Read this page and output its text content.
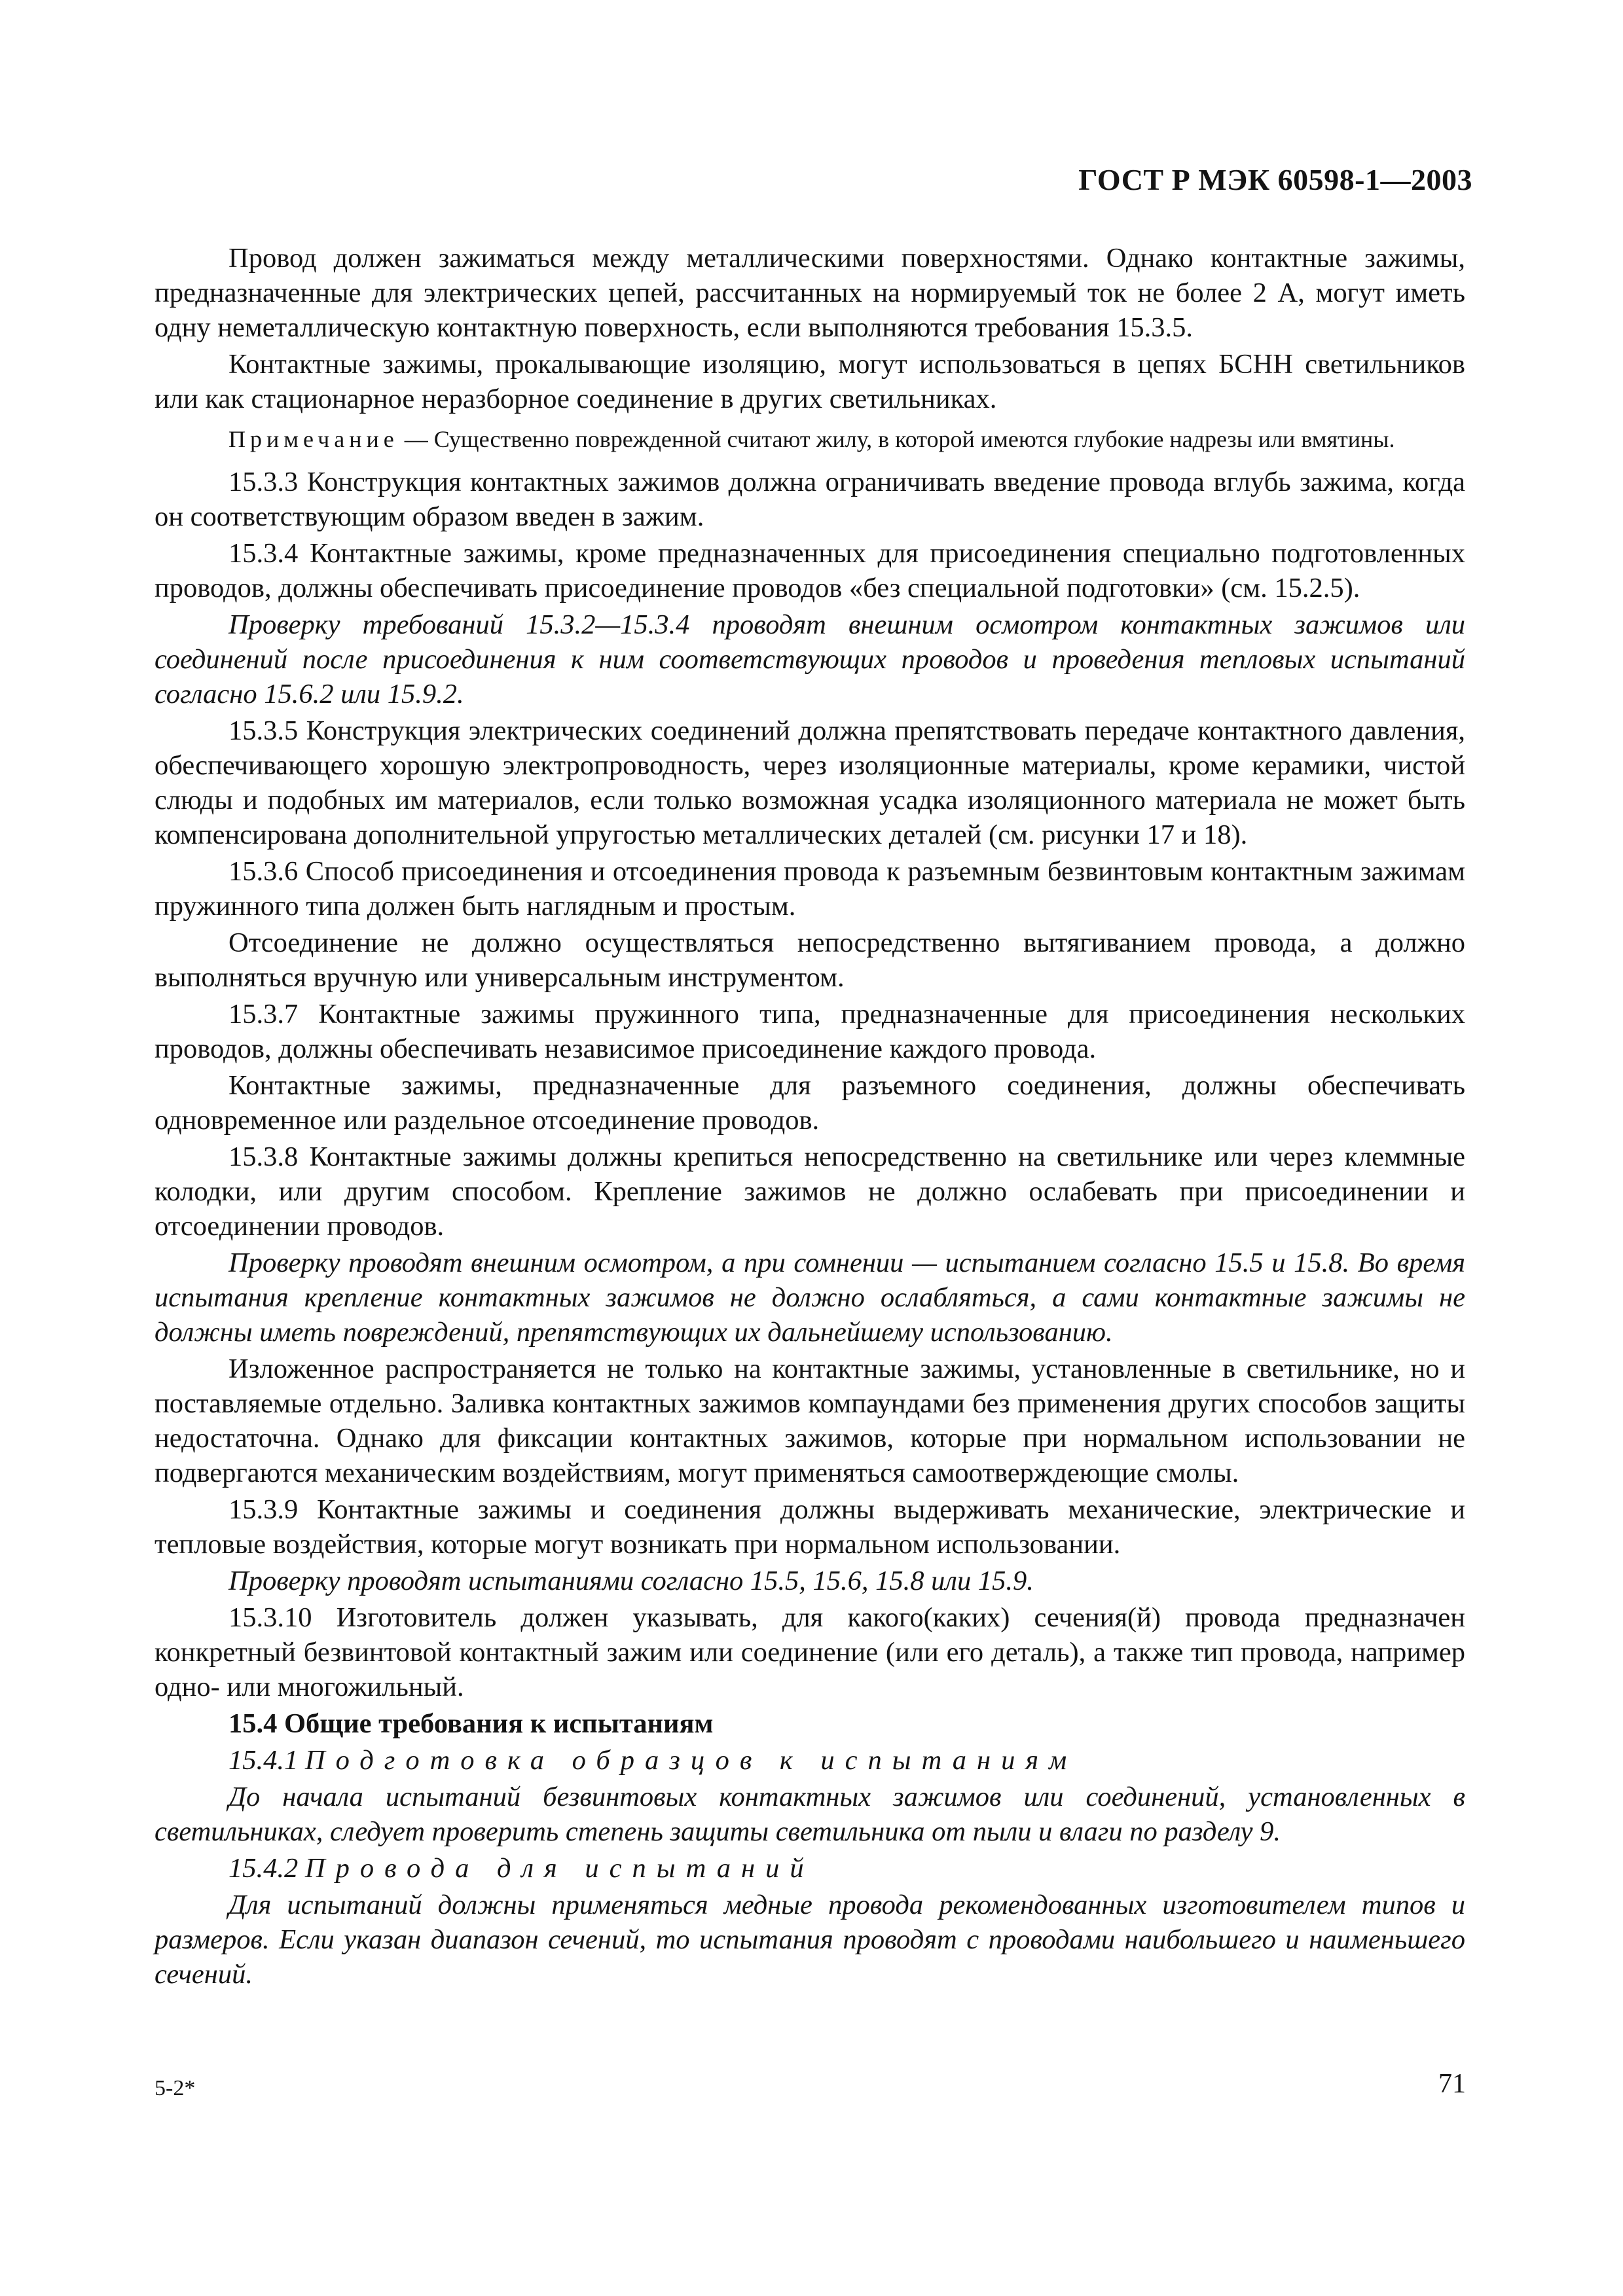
ГОСТ Р МЭК 60598-1—2003

Провод должен зажиматься между металлическими поверхностями. Однако контактные зажимы, предназначенные для электрических цепей, рассчитанных на нормируемый ток не более 2 А, могут иметь одну неметаллическую контактную поверхность, если выполняются требования 15.3.5.

Контактные зажимы, прокалывающие изоляцию, могут использоваться в цепях БСНН светильников или как стационарное неразборное соединение в других светильниках.

Примечание — Существенно поврежденной считают жилу, в которой имеются глубокие надрезы или вмятины.

15.3.3 Конструкция контактных зажимов должна ограничивать введение провода вглубь зажима, когда он соответствующим образом введен в зажим.

15.3.4 Контактные зажимы, кроме предназначенных для присоединения специально подготовленных проводов, должны обеспечивать присоединение проводов «без специальной подготовки» (см. 15.2.5).

Проверку требований 15.3.2—15.3.4 проводят внешним осмотром контактных зажимов или соединений после присоединения к ним соответствующих проводов и проведения тепловых испытаний согласно 15.6.2 или 15.9.2.

15.3.5 Конструкция электрических соединений должна препятствовать передаче контактного давления, обеспечивающего хорошую электропроводность, через изоляционные материалы, кроме керамики, чистой слюды и подобных им материалов, если только возможная усадка изоляционного материала не может быть компенсирована дополнительной упругостью металлических деталей (см. рисунки 17 и 18).

15.3.6 Способ присоединения и отсоединения провода к разъемным безвинтовым контактным зажимам пружинного типа должен быть наглядным и простым.

Отсоединение не должно осуществляться непосредственно вытягиванием провода, а должно выполняться вручную или универсальным инструментом.

15.3.7 Контактные зажимы пружинного типа, предназначенные для присоединения нескольких проводов, должны обеспечивать независимое присоединение каждого провода.

Контактные зажимы, предназначенные для разъемного соединения, должны обеспечивать одновременное или раздельное отсоединение проводов.

15.3.8 Контактные зажимы должны крепиться непосредственно на светильнике или через клеммные колодки, или другим способом. Крепление зажимов не должно ослабевать при присоединении и отсоединении проводов.

Проверку проводят внешним осмотром, а при сомнении — испытанием согласно 15.5 и 15.8. Во время испытания крепление контактных зажимов не должно ослабляться, а сами контактные зажимы не должны иметь повреждений, препятствующих их дальнейшему использованию.

Изложенное распространяется не только на контактные зажимы, установленные в светильнике, но и поставляемые отдельно. Заливка контактных зажимов компаундами без применения других способов защиты недостаточна. Однако для фиксации контактных зажимов, которые при нормальном использовании не подвергаются механическим воздействиям, могут применяться самоотверждеющие смолы.

15.3.9 Контактные зажимы и соединения должны выдерживать механические, электрические и тепловые воздействия, которые могут возникать при нормальном использовании.

Проверку проводят испытаниями согласно 15.5, 15.6, 15.8 или 15.9.

15.3.10 Изготовитель должен указывать, для какого(каких) сечения(й) провода предназначен конкретный безвинтовой контактный зажим или соединение (или его деталь), а также тип провода, например одно- или многожильный.

15.4 Общие требования к испытаниям

15.4.1 Подготовка образцов к испытаниям

До начала испытаний безвинтовых контактных зажимов или соединений, установленных в светильниках, следует проверить степень защиты светильника от пыли и влаги по разделу 9.

15.4.2 Провода для испытаний

Для испытаний должны применяться медные провода рекомендованных изготовителем типов и размеров. Если указан диапазон сечений, то испытания проводят с проводами наибольшего и наименьшего сечений.

5-2*	71
